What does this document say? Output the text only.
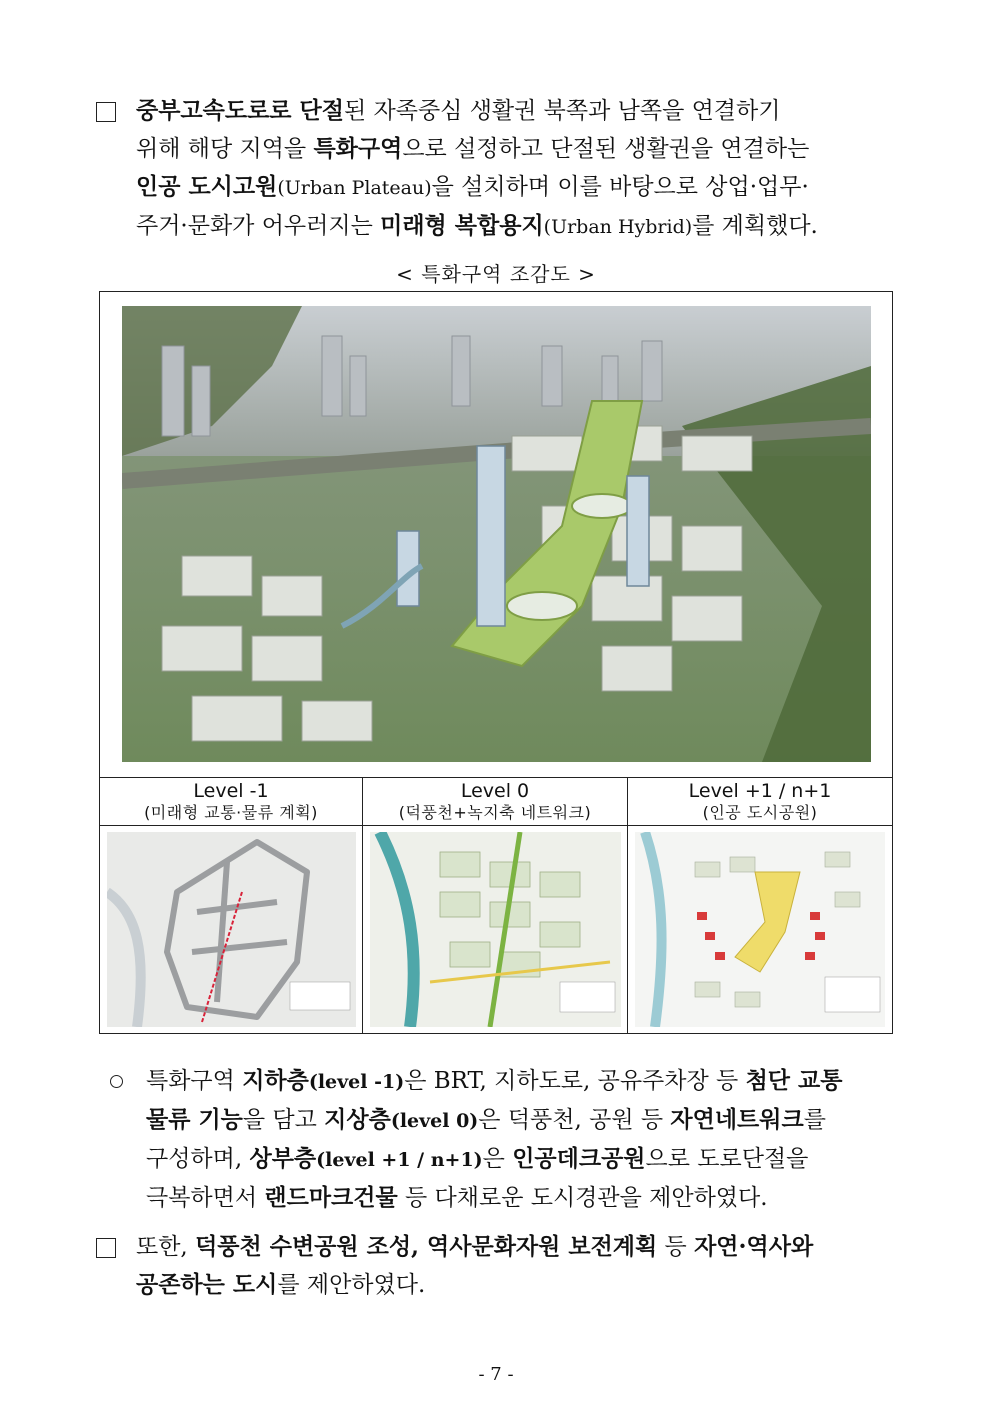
중부고속도로로 단절된 자족중심 생활권 북쪽과 남쪽을 연결하기
위해 해당 지역을 특화구역으로 설정하고 단절된 생활권을 연결하는
인공 도시고원(Urban Plateau)을 설치하며 이를 바탕으로 상업·업무·
주거·문화가 어우러지는 미래형 복합용지(Urban Hybrid)를 계획했다.
< 특화구역 조감도 >
Level -1
(미래형 교통·물류 계획)
Level 0
(덕풍천+녹지축 네트워크)
Level +1 / n+1
(인공 도시공원)
특화구역 지하층(level -1)은 BRT, 지하도로, 공유주차장 등 첨단 교통
물류 기능을 담고 지상층(level 0)은 덕풍천, 공원 등 자연네트워크를
구성하며, 상부층(level +1 / n+1)은 인공데크공원으로 도로단절을
극복하면서 랜드마크건물 등 다채로운 도시경관을 제안하였다.
또한, 덕풍천 수변공원 조성, 역사문화자원 보전계획 등 자연·역사와
공존하는 도시를 제안하였다.
- 7 -
